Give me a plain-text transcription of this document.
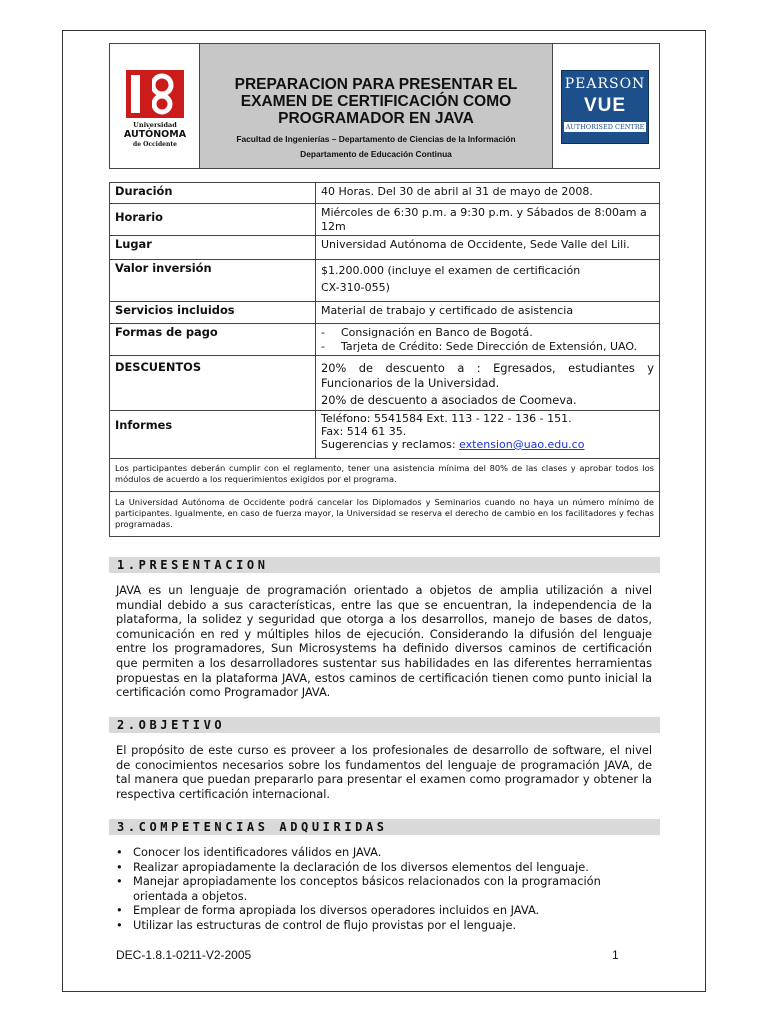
Universidad
AUTÓNOMA
de Occidente
PREPARACION PARA PRESENTAR EL
EXAMEN DE CERTIFICACIÓN COMO
PROGRAMADOR EN JAVA
Facultad de Ingenierías – Departamento de Ciencias de la Información
Departamento de Educación Continua
PEARSON
VUE
AUTHORISED CENTRE
Duración	40 Horas. Del 30 de abril al 31 de mayo de 2008.
Horario	Miércoles de 6:30 p.m. a 9:30 p.m. y Sábados de 8:00am a 12m
Lugar	Universidad Autónoma de Occidente, Sede Valle del Lili.
Valor inversión	$1.200.000 (incluye el examen de certificación
CX-310-055)

Servicios incluidos	Material de trabajo y certificado de asistencia
Formas de pago	- Consignación en Banco de Bogotá.
- Tarjeta de Crédito: Sede Dirección de Extensión, UAO.

DESCUENTOS	20% de descuento a : Egresados, estudiantes y Funcionarios de la Universidad.
20% de descuento a asociados de Coomeva.

Informes	Teléfono: 5541584 Ext. 113 - 122 - 136 - 151.
Fax: 514 61 35.
Sugerencias y reclamos: extension@uao.edu.co

Los participantes deberán cumplir con el reglamento, tener una asistencia mínima del 80% de las clases y aprobar todos los módulos de acuerdo a los requerimientos exigidos por el programa.	
La Universidad Autónoma de Occidente podrá cancelar los Diplomados y Seminarios cuando no haya un número mínimo de participantes. Igualmente, en caso de fuerza mayor, la Universidad se reserva el derecho de cambio en los facilitadores y fechas programadas.	
1.PRESENTACION
JAVA es un lenguaje de programación orientado a objetos de amplia utilización a nivel mundial debido a sus características, entre las que se encuentran, la independencia de la plataforma, la solidez y seguridad que otorga a los desarrollos, manejo de bases de datos, comunicación en red y múltiples hilos de ejecución. Considerando la difusión del lenguaje entre los programadores, Sun Microsystems ha definido diversos caminos de certificación que permiten a los desarrolladores sustentar sus habilidades en las diferentes herramientas propuestas en la plataforma JAVA, estos caminos de certificación tienen como punto inicial la certificación como Programador JAVA.
2.OBJETIVO
El propósito de este curso es proveer a los profesionales de desarrollo de software, el nivel de conocimientos necesarios sobre los fundamentos del lenguaje de programación JAVA, de tal manera que puedan prepararlo para presentar el examen como programador y obtener la respectiva certificación internacional.
3.COMPETENCIAS ADQUIRIDAS
• Conocer los identificadores válidos en JAVA.
• Realizar apropiadamente la declaración de los diversos elementos del lenguaje.
• Manejar apropiadamente los conceptos básicos relacionados con la programación orientada a objetos.
• Emplear de forma apropiada los diversos operadores incluidos en JAVA.
• Utilizar las estructuras de control de flujo provistas por el lenguaje.
DEC-1.8.1-0211-V2-2005	1
